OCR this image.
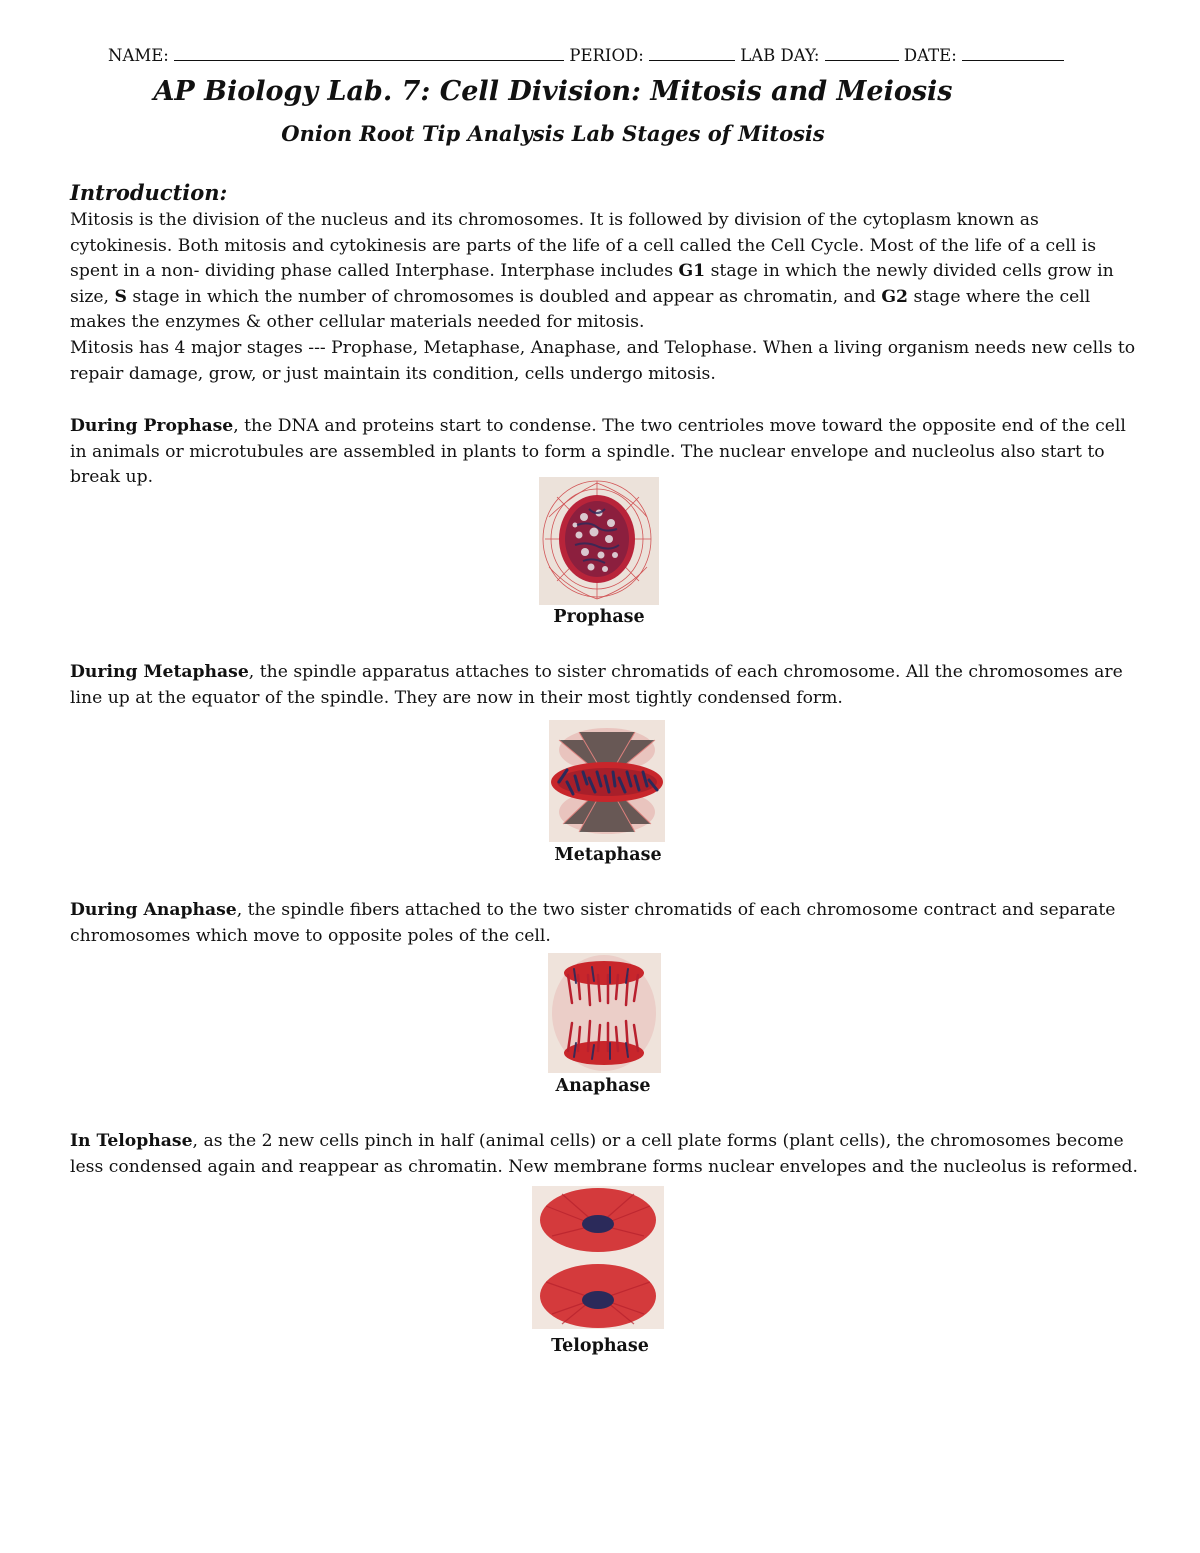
NAME:	PERIOD:	LAB DAY:	DATE:
AP Biology Lab. 7: Cell Division: Mitosis and Meiosis
Onion Root Tip Analysis Lab Stages of Mitosis
Introduction:
Mitosis is the division of the nucleus and its chromosomes. It is followed by division of the cytoplasm known as cytokinesis. Both mitosis and cytokinesis are parts of the life of a cell called the Cell Cycle. Most of the life of a cell is spent in a non- dividing phase called Interphase. Interphase includes G1 stage in which the newly divided cells grow in size, S stage in which the number of chromosomes is doubled and appear as chromatin, and G2 stage where the cell makes the enzymes & other cellular materials needed for mitosis.
Mitosis has 4 major stages --- Prophase, Metaphase, Anaphase, and Telophase. When a living organism needs new cells to repair damage, grow, or just maintain its condition, cells undergo mitosis.
During Prophase, the DNA and proteins start to condense. The two centrioles move toward the opposite end of the cell in animals or microtubules are assembled in plants to form a spindle. The nuclear envelope and nucleolus also start to break up.
Prophase
During Metaphase, the spindle apparatus attaches to sister chromatids of each chromosome. All the chromosomes are line up at the equator of the spindle. They are now in their most tightly condensed form.
Metaphase
During Anaphase, the spindle fibers attached to the two sister chromatids of each chromosome contract and separate chromosomes which move to opposite poles of the cell.
Anaphase
In Telophase, as the 2 new cells pinch in half (animal cells) or a cell plate forms (plant cells), the chromosomes become less condensed again and reappear as chromatin. New membrane forms nuclear envelopes and the nucleolus is reformed.
Telophase
